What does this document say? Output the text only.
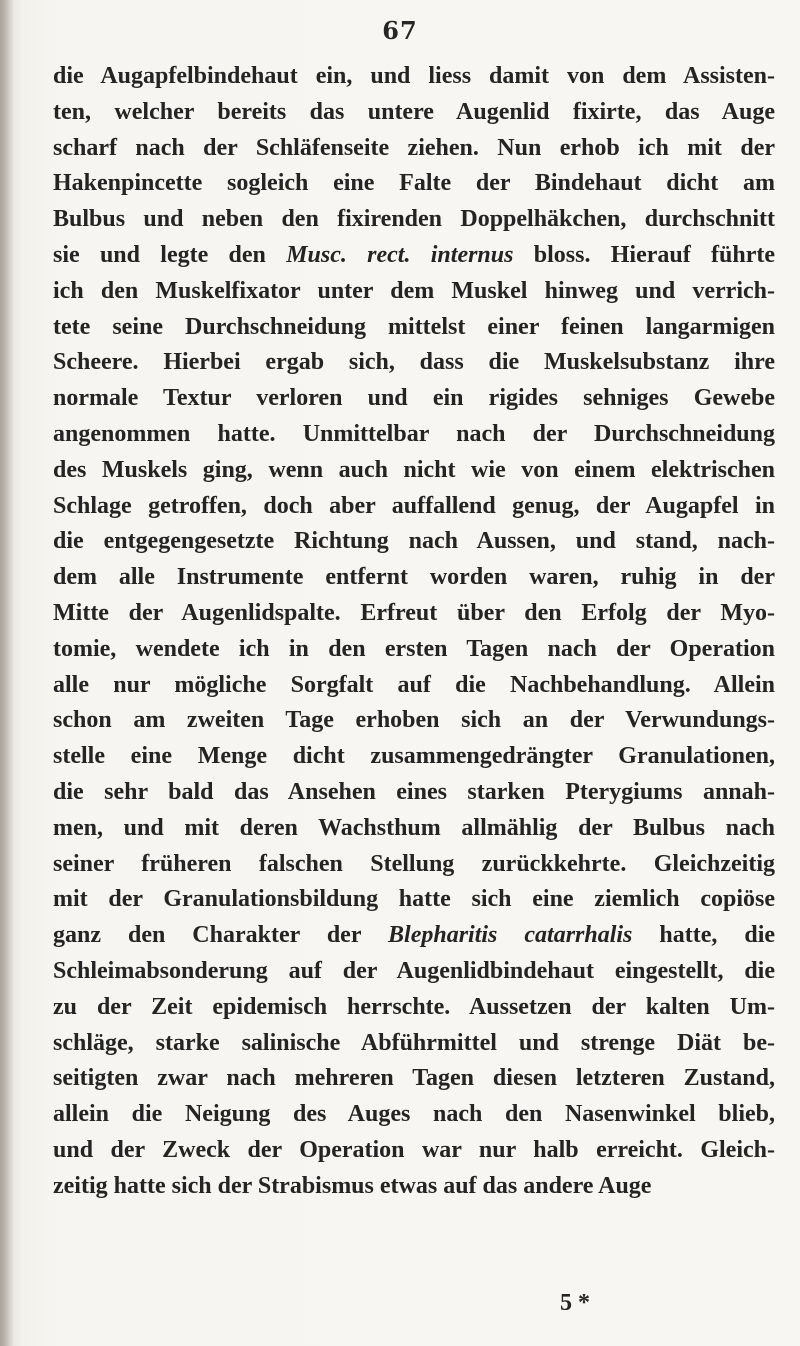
67
die Augapfelbindehaut ein, und liess damit von dem Assisten-
ten, welcher bereits das untere Augenlid fixirte, das Auge
scharf nach der Schläfenseite ziehen. Nun erhob ich mit der
Hakenpincette sogleich eine Falte der Bindehaut dicht am
Bulbus und neben den fixirenden Doppelhäkchen, durchschnitt
sie und legte den Musc. rect. internus bloss. Hierauf führte
ich den Muskelfixator unter dem Muskel hinweg und verrich-
tete seine Durchschneidung mittelst einer feinen langarmigen
Scheere. Hierbei ergab sich, dass die Muskelsubstanz ihre
normale Textur verloren und ein rigides sehniges Gewebe
angenommen hatte. Unmittelbar nach der Durchschneidung
des Muskels ging, wenn auch nicht wie von einem elektrischen
Schlage getroffen, doch aber auffallend genug, der Augapfel in
die entgegengesetzte Richtung nach Aussen, und stand, nach-
dem alle Instrumente entfernt worden waren, ruhig in der
Mitte der Augenlidspalte. Erfreut über den Erfolg der Myo-
tomie, wendete ich in den ersten Tagen nach der Operation
alle nur mögliche Sorgfalt auf die Nachbehandlung. Allein
schon am zweiten Tage erhoben sich an der Verwundungs-
stelle eine Menge dicht zusammengedrängter Granulationen,
die sehr bald das Ansehen eines starken Pterygiums annah-
men, und mit deren Wachsthum allmählig der Bulbus nach
seiner früheren falschen Stellung zurückkehrte. Gleichzeitig
mit der Granulationsbildung hatte sich eine ziemlich copiöse
ganz den Charakter der Blepharitis catarrhalis hatte, die
Schleimabsonderung auf der Augenlidbindehaut eingestellt, die
zu der Zeit epidemisch herrschte. Aussetzen der kalten Um-
schläge, starke salinische Abführmittel und strenge Diät be-
seitigten zwar nach mehreren Tagen diesen letzteren Zustand,
allein die Neigung des Auges nach den Nasenwinkel blieb,
und der Zweck der Operation war nur halb erreicht. Gleich-
zeitig hatte sich der Strabismus etwas auf das andere Auge
5 *
